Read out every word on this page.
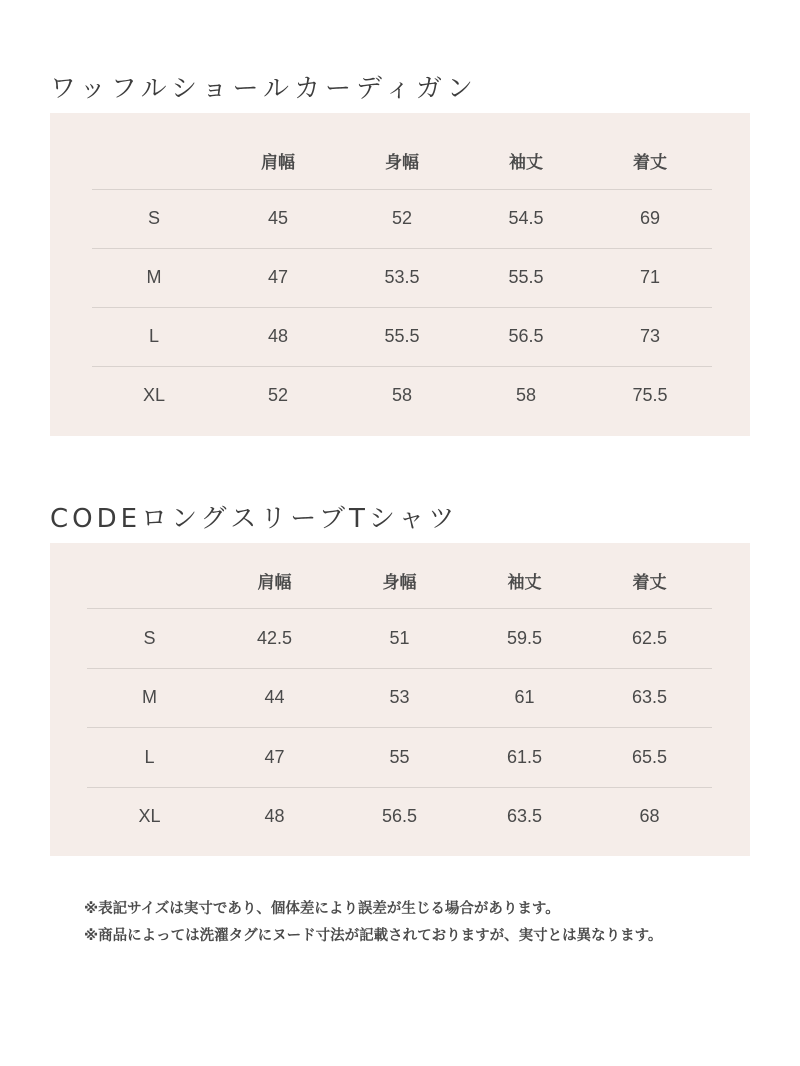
ワッフルショールカーディガン
	肩幅	身幅	袖丈	着丈
S	45	52	54.5	69
M	47	53.5	55.5	71
L	48	55.5	56.5	73
XL	52	58	58	75.5
CODEロングスリーブTシャツ
	肩幅	身幅	袖丈	着丈
S	42.5	51	59.5	62.5
M	44	53	61	63.5
L	47	55	61.5	65.5
XL	48	56.5	63.5	68
※表記サイズは実寸であり、個体差により誤差が生じる場合があります。
※商品によっては洗濯タグにヌード寸法が記載されておりますが、実寸とは異なります。
